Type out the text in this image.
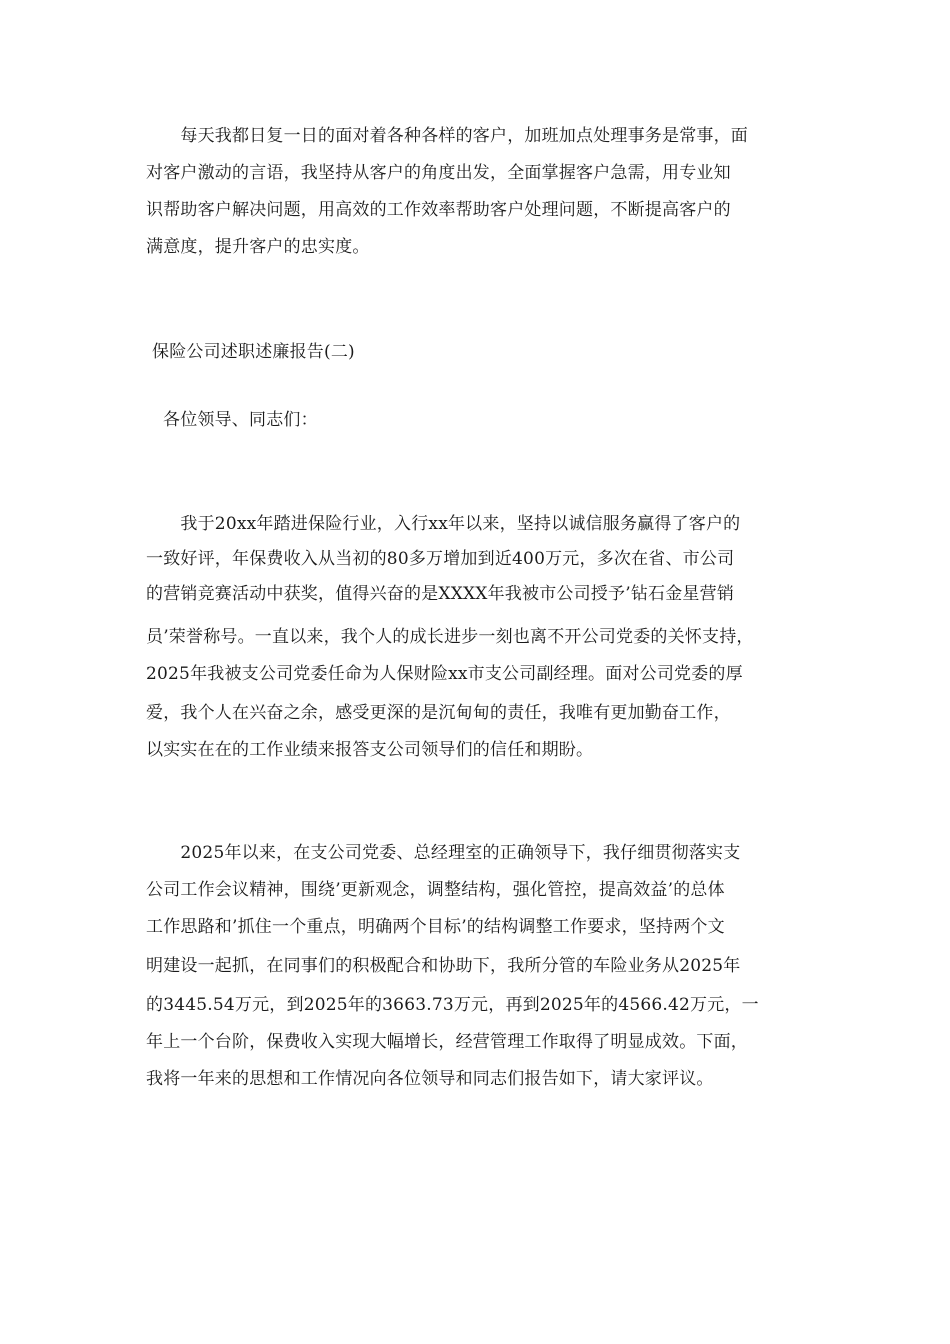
　　每天我都日复一日的面对着各种各样的客户，加班加点处理事务是常事，面
对客户激动的言语，我坚持从客户的角度出发，全面掌握客户急需，用专业知
识帮助客户解决问题，用高效的工作效率帮助客户处理问题，不断提高客户的
满意度，提升客户的忠实度。
保险公司述职述廉报告(二)
各位领导、同志们：
　　我于20xx年踏进保险行业，入行xx年以来，坚持以诚信服务赢得了客户的
一致好评，年保费收入从当初的80多万增加到近400万元，多次在省、市公司
的营销竞赛活动中获奖，值得兴奋的是XXXX年我被市公司授予’钻石金星营销
员’荣誉称号。一直以来，我个人的成长进步一刻也离不开公司党委的关怀支持，
2025年我被支公司党委任命为人保财险xx市支公司副经理。面对公司党委的厚
爱，我个人在兴奋之余，感受更深的是沉甸甸的责任，我唯有更加勤奋工作，
以实实在在的工作业绩来报答支公司领导们的信任和期盼。
　　2025年以来，在支公司党委、总经理室的正确领导下，我仔细贯彻落实支
公司工作会议精神，围绕’更新观念，调整结构，强化管控，提高效益’的总体
工作思路和’抓住一个重点，明确两个目标’的结构调整工作要求，坚持两个文
明建设一起抓，在同事们的积极配合和协助下，我所分管的车险业务从2025年
的3445.54万元，到2025年的3663.73万元，再到2025年的4566.42万元，一
年上一个台阶，保费收入实现大幅增长，经营管理工作取得了明显成效。下面，
我将一年来的思想和工作情况向各位领导和同志们报告如下，请大家评议。
